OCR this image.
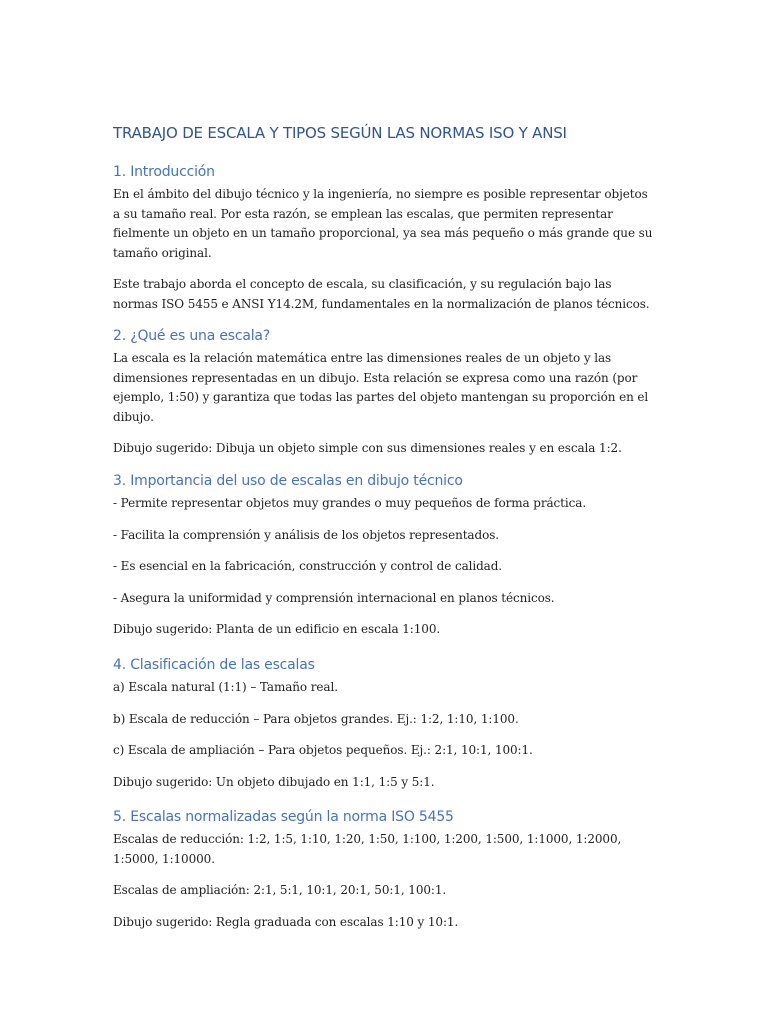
TRABAJO DE ESCALA Y TIPOS SEGÚN LAS NORMAS ISO Y ANSI
1. Introducción

En el ámbito del dibujo técnico y la ingeniería, no siempre es posible representar objetos a su tamaño real. Por esta razón, se emplean las escalas, que permiten representar fielmente un objeto en un tamaño proporcional, ya sea más pequeño o más grande que su tamaño original.

Este trabajo aborda el concepto de escala, su clasificación, y su regulación bajo las normas ISO 5455 e ANSI Y14.2M, fundamentales en la normalización de planos técnicos.

2. ¿Qué es una escala?

La escala es la relación matemática entre las dimensiones reales de un objeto y las dimensiones representadas en un dibujo. Esta relación se expresa como una razón (por ejemplo, 1:50) y garantiza que todas las partes del objeto mantengan su proporción en el dibujo.

Dibujo sugerido: Dibuja un objeto simple con sus dimensiones reales y en escala 1:2.

3. Importancia del uso de escalas en dibujo técnico

- Permite representar objetos muy grandes o muy pequeños de forma práctica.

- Facilita la comprensión y análisis de los objetos representados.

- Es esencial en la fabricación, construcción y control de calidad.

- Asegura la uniformidad y comprensión internacional en planos técnicos.

Dibujo sugerido: Planta de un edificio en escala 1:100.

4. Clasificación de las escalas

a) Escala natural (1:1) – Tamaño real.

b) Escala de reducción – Para objetos grandes. Ej.: 1:2, 1:10, 1:100.

c) Escala de ampliación – Para objetos pequeños. Ej.: 2:1, 10:1, 100:1.

Dibujo sugerido: Un objeto dibujado en 1:1, 1:5 y 5:1.

5. Escalas normalizadas según la norma ISO 5455

Escalas de reducción: 1:2, 1:5, 1:10, 1:20, 1:50, 1:100, 1:200, 1:500, 1:1000, 1:2000, 1:5000, 1:10000.

Escalas de ampliación: 2:1, 5:1, 10:1, 20:1, 50:1, 100:1.

Dibujo sugerido: Regla graduada con escalas 1:10 y 10:1.
